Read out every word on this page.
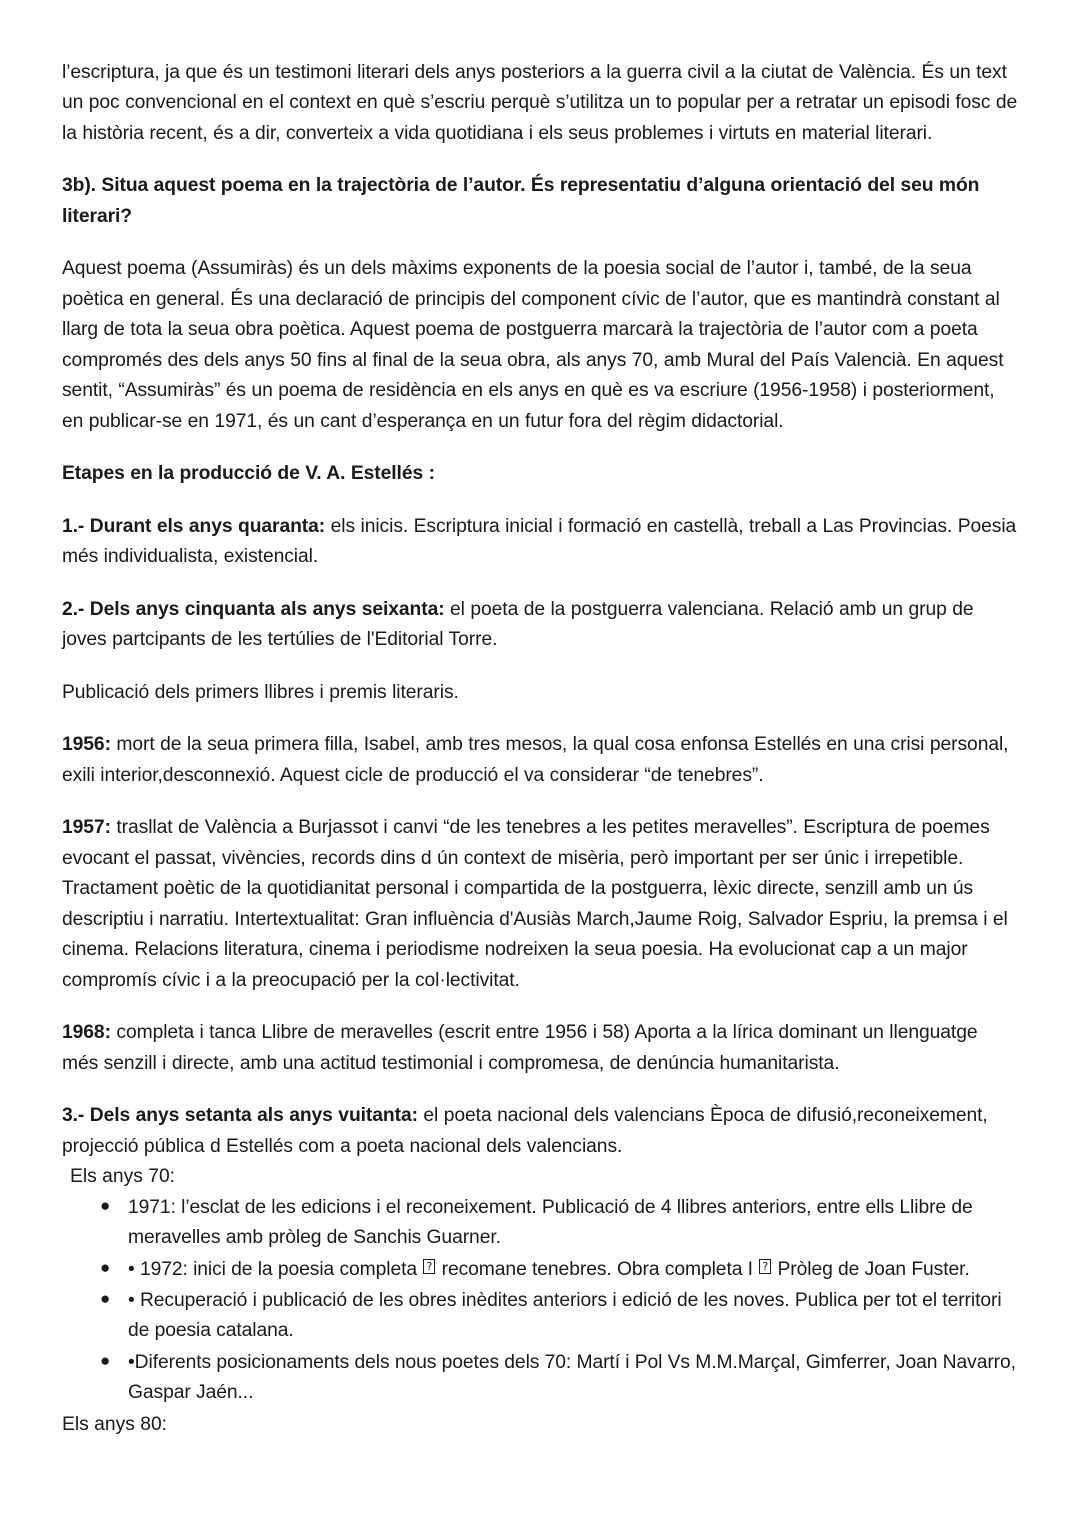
l’escriptura, ja que és un testimoni literari dels anys posteriors a la guerra civil a la ciutat de València. És un text un poc convencional en el context en què s’escriu perquè s’utilitza un to popular per a retratar un episodi fosc de la història recent, és a dir, converteix a vida quotidiana i els seus problemes i virtuts en material literari.

3b). Situa aquest poema en la trajectòria de l’autor. És representatiu d’alguna orientació del seu món literari?

Aquest poema (Assumiràs) és un dels màxims exponents de la poesia social de l’autor i, també, de la seua poètica en general. És una declaració de principis del component cívic de l’autor, que es mantindrà constant al llarg de tota la seua obra poètica. Aquest poema de postguerra marcarà la trajectòria de l’autor com a poeta compromés des dels anys 50 fins al final de la seua obra, als anys 70, amb Mural del País Valencià. En aquest sentit, “Assumiràs” és un poema de residència en els anys en què es va escriure (1956-1958) i posteriorment, en publicar-se en 1971, és un cant d’esperança en un futur fora del règim didactorial.

Etapes en la producció de V. A. Estellés :

1.- Durant els anys quaranta: els inicis. Escriptura inicial i formació en castellà, treball a Las Provincias. Poesia més individualista, existencial.

2.- Dels anys cinquanta als anys seixanta: el poeta de la postguerra valenciana. Relació amb un grup de joves partcipants de les tertúlies de l'Editorial Torre.

Publicació dels primers llibres i premis literaris.

1956: mort de la seua primera filla, Isabel, amb tres mesos, la qual cosa enfonsa Estellés en una crisi personal, exili interior,desconnexió. Aquest cicle de producció el va considerar “de tenebres”.

1957: trasllat de València a Burjassot i canvi “de les tenebres a les petites meravelles”. Escriptura de poemes evocant el passat, vivències, records dins d ún context de misèria, però important per ser únic i irrepetible. Tractament poètic de la quotidianitat personal i compartida de la postguerra, lèxic directe, senzill amb un ús descriptiu i narratiu. Intertextualitat: Gran influència d'Ausiàs March,Jaume Roig, Salvador Espriu, la premsa i el cinema. Relacions literatura, cinema i periodisme nodreixen la seua poesia. Ha evolucionat cap a un major compromís cívic i a la preocupació per la col·lectivitat.

1968: completa i tanca Llibre de meravelles (escrit entre 1956 i 58) Aporta a la lírica dominant un llenguatge més senzill i directe, amb una actitud testimonial i compromesa, de denúncia humanitarista.

3.- Dels anys setanta als anys vuitanta: el poeta nacional dels valencians Època de difusió,reconeixement, projecció pública d Estellés com a poeta nacional dels valencians.

Els anys 70:

● 1971: l’esclat de les edicions i el reconeixement. Publicació de 4 llibres anteriors, entre ells Llibre de meravelles amb pròleg de Sanchis Guarner.
● • 1972: inici de la poesia completa ? recomane tenebres. Obra completa I ? Pròleg de Joan Fuster.
● • Recuperació i publicació de les obres inèdites anteriors i edició de les noves. Publica per tot el territori de poesia catalana.
● •Diferents posicionaments dels nous poetes dels 70: Martí i Pol Vs M.M.Marçal, Gimferrer, Joan Navarro, Gaspar Jaén...

Els anys 80:
